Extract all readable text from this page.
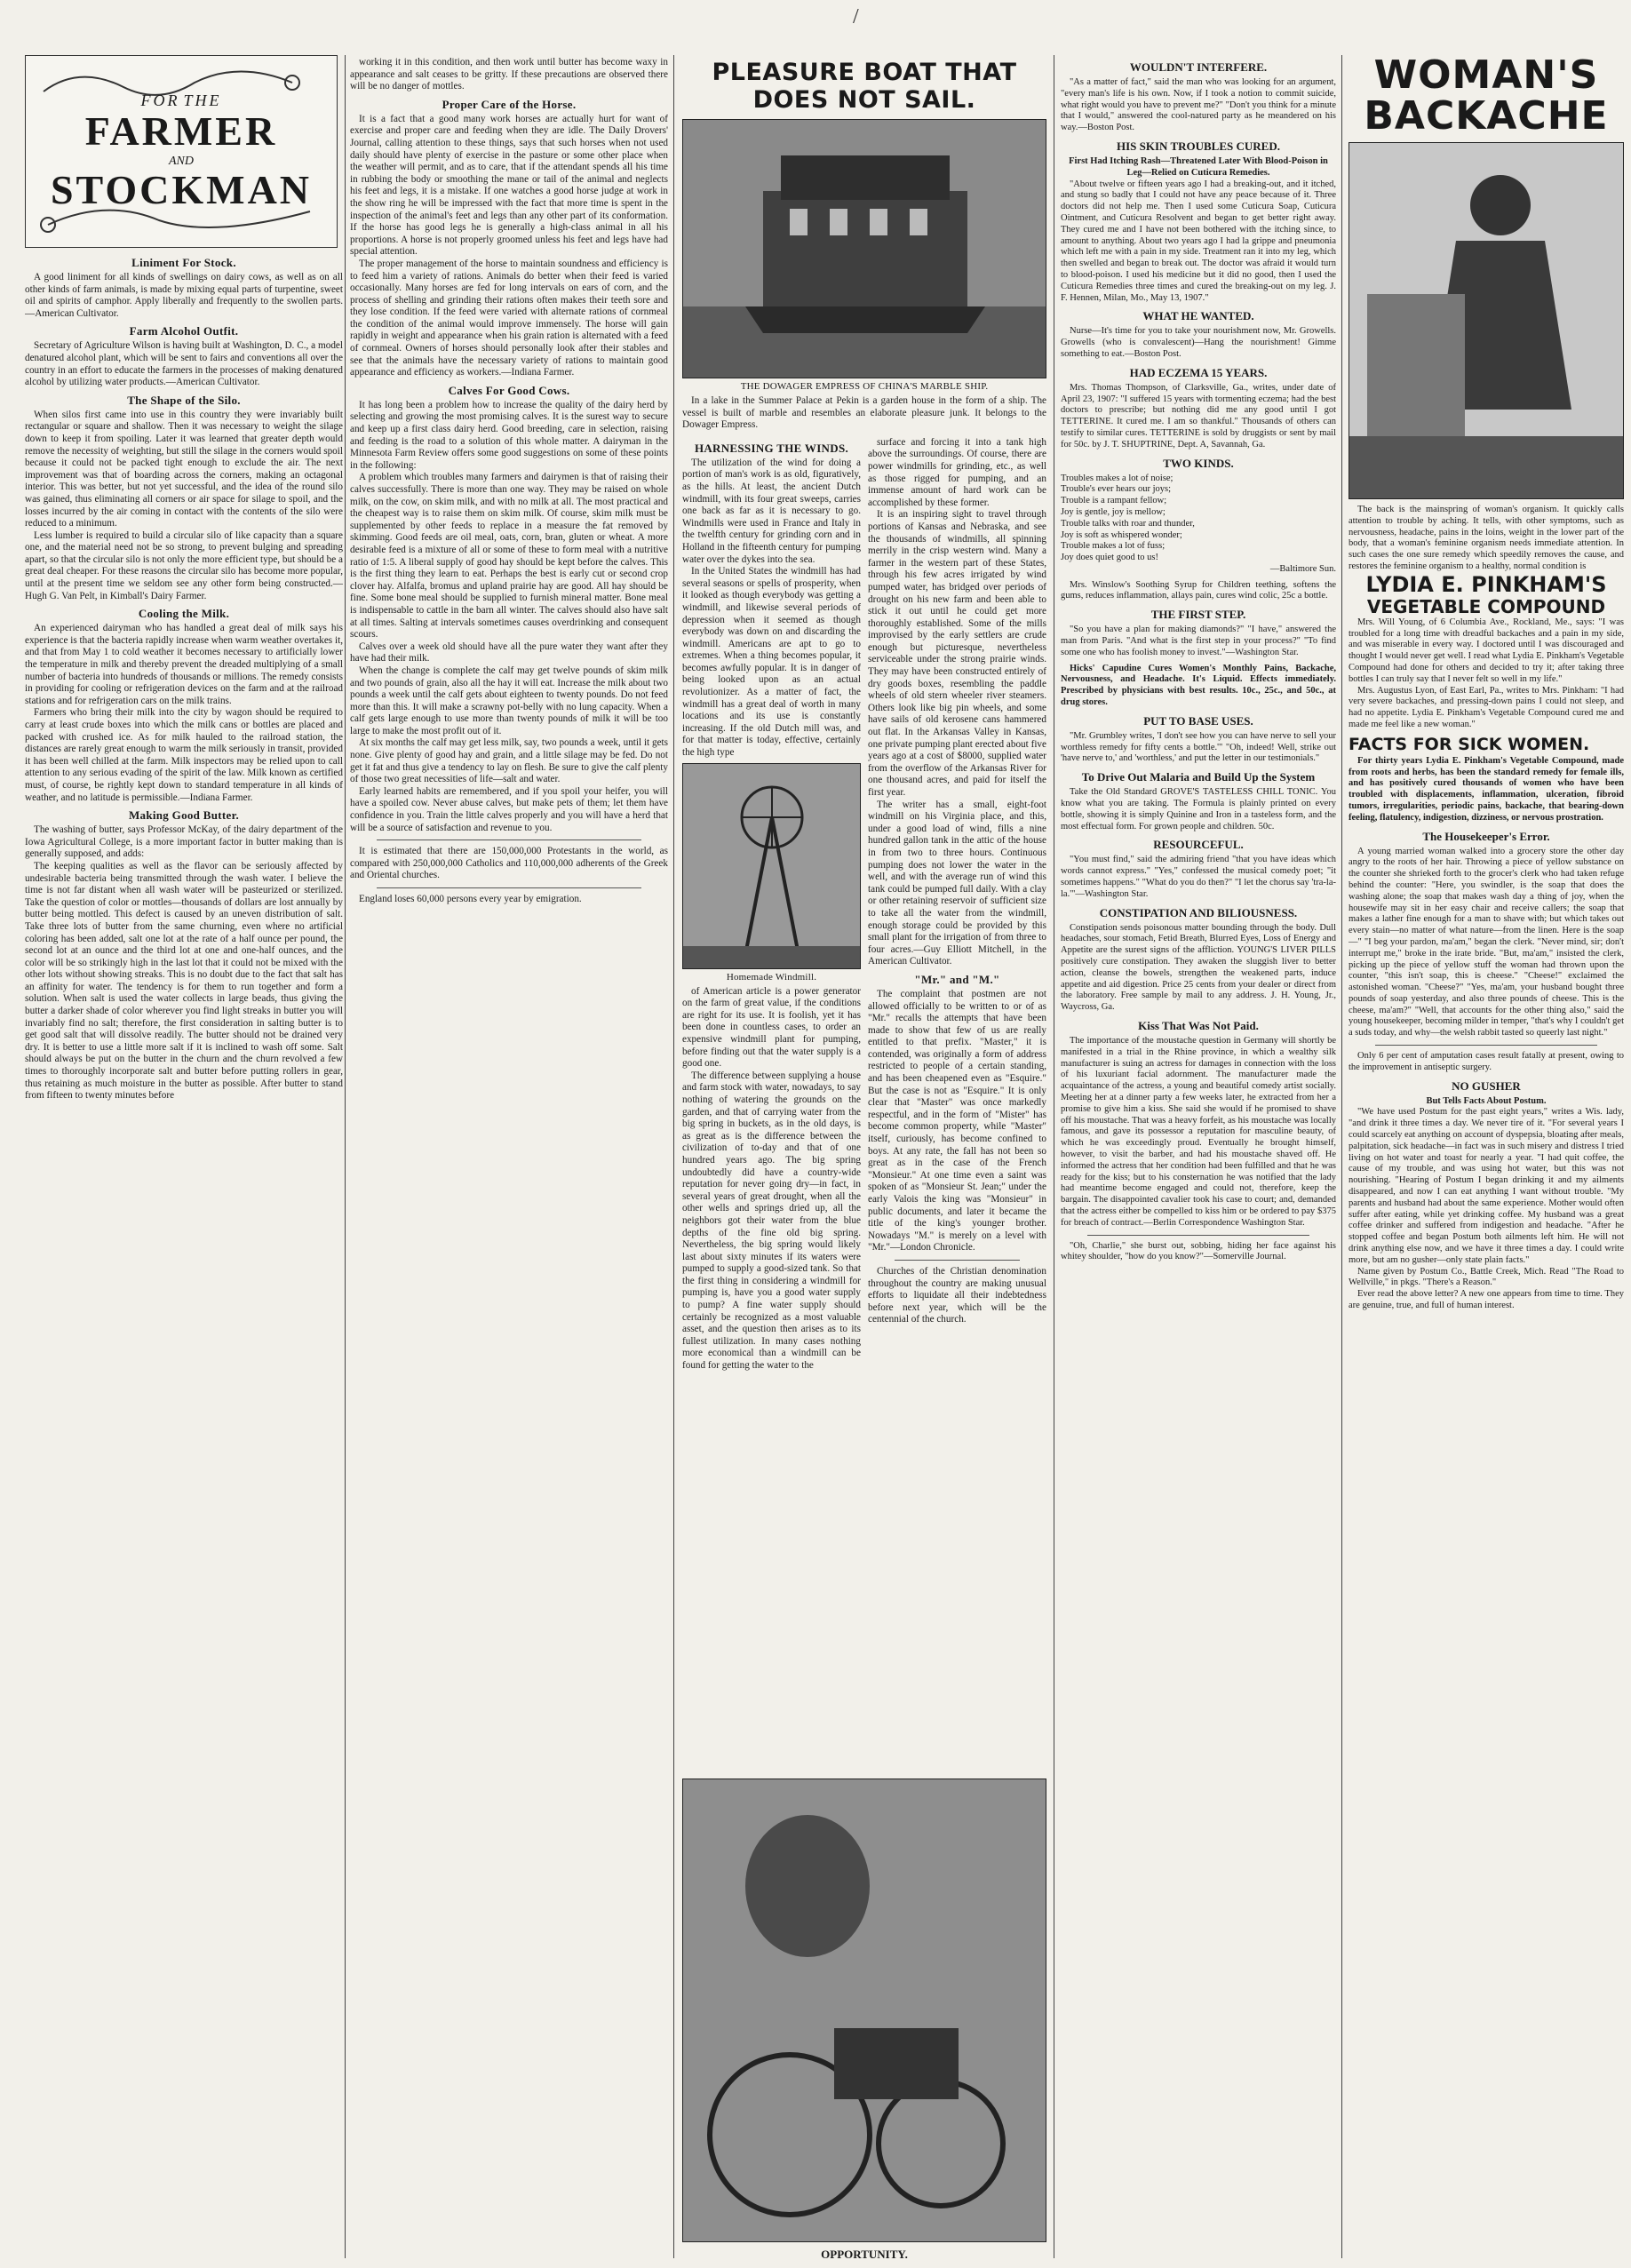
/
FOR THE
FARMER
AND
STOCKMAN
Liniment For Stock.

A good liniment for all kinds of swellings on dairy cows, as well as on all other kinds of farm animals, is made by mixing equal parts of turpentine, sweet oil and spirits of camphor. Apply liberally and frequently to the swollen parts.—American Cultivator.

Farm Alcohol Outfit.

Secretary of Agriculture Wilson is having built at Washington, D. C., a model denatured alcohol plant, which will be sent to fairs and conventions all over the country in an effort to educate the farmers in the processes of making denatured alcohol by utilizing water products.—American Cultivator.

The Shape of the Silo.

When silos first came into use in this country they were invariably built rectangular or square and shallow. Then it was necessary to weight the silage down to keep it from spoiling. Later it was learned that greater depth would remove the necessity of weighting, but still the silage in the corners would spoil because it could not be packed tight enough to exclude the air. The next improvement was that of boarding across the corners, making an octagonal interior. This was better, but not yet successful, and the idea of the round silo was gained, thus eliminating all corners or air space for silage to spoil, and the losses incurred by the air coming in contact with the contents of the silo were reduced to a minimum.

Less lumber is required to build a circular silo of like capacity than a square one, and the material need not be so strong, to prevent bulging and spreading apart, so that the circular silo is not only the more efficient type, but should be a great deal cheaper. For these reasons the circular silo has become more popular, until at the present time we seldom see any other form being constructed.—Hugh G. Van Pelt, in Kimball's Dairy Farmer.

Cooling the Milk.

An experienced dairyman who has handled a great deal of milk says his experience is that the bacteria rapidly increase when warm weather overtakes it, and that from May 1 to cold weather it becomes necessary to artificially lower the temperature in milk and thereby prevent the dreaded multiplying of a small number of bacteria into hundreds of thousands or millions. The remedy consists in providing for cooling or refrigeration devices on the farm and at the railroad stations and for refrigeration cars on the milk trains.

Farmers who bring their milk into the city by wagon should be required to carry at least crude boxes into which the milk cans or bottles are placed and packed with crushed ice. As for milk hauled to the railroad station, the distances are rarely great enough to warm the milk seriously in transit, provided it has been well chilled at the farm. Milk inspectors may be relied upon to call attention to any serious evading of the spirit of the law. Milk known as certified must, of course, be rightly kept down to standard temperature in all kinds of weather, and no latitude is permissible.—Indiana Farmer.

Making Good Butter.

The washing of butter, says Professor McKay, of the dairy department of the Iowa Agricultural College, is a more important factor in butter making than is generally supposed, and adds:

The keeping qualities as well as the flavor can be seriously affected by undesirable bacteria being transmitted through the wash water. I believe the time is not far distant when all wash water will be pasteurized or sterilized. Take the question of color or mottles—thousands of dollars are lost annually by butter being mottled. This defect is caused by an uneven distribution of salt. Take three lots of butter from the same churning, even where no artificial coloring has been added, salt one lot at the rate of a half ounce per pound, the second lot at an ounce and the third lot at one and one-half ounces, and the color will be so strikingly high in the last lot that it could not be mixed with the other lots without showing streaks. This is no doubt due to the fact that salt has an affinity for water. The tendency is for them to run together and form a solution. When salt is used the water collects in large beads, thus giving the butter a darker shade of color wherever you find light streaks in butter you will invariably find no salt; therefore, the first consideration in salting butter is to get good salt that will dissolve readily. The butter should not be drained very dry. It is better to use a little more salt if it is inclined to wash off some. Salt should always be put on the butter in the churn and the churn revolved a few times to thoroughly incorporate salt and butter before putting rollers in gear, thus retaining as much moisture in the butter as possible. After butter to stand from fifteen to twenty minutes before

working it in this condition, and then work until butter has become waxy in appearance and salt ceases to be gritty. If these precautions are observed there will be no danger of mottles.

Proper Care of the Horse.

It is a fact that a good many work horses are actually hurt for want of exercise and proper care and feeding when they are idle. The Daily Drovers' Journal, calling attention to these things, says that such horses when not used daily should have plenty of exercise in the pasture or some other place when the weather will permit, and as to care, that if the attendant spends all his time in rubbing the body or smoothing the mane or tail of the animal and neglects his feet and legs, it is a mistake. If one watches a good horse judge at work in the show ring he will be impressed with the fact that more time is spent in the inspection of the animal's feet and legs than any other part of its conformation. If the horse has good legs he is generally a high-class animal in all his proportions. A horse is not properly groomed unless his feet and legs have had special attention.

The proper management of the horse to maintain soundness and efficiency is to feed him a variety of rations. Animals do better when their feed is varied occasionally. Many horses are fed for long intervals on ears of corn, and the process of shelling and grinding their rations often makes their teeth sore and they lose condition. If the feed were varied with alternate rations of cornmeal the condition of the animal would improve immensely. The horse will gain rapidly in weight and appearance when his grain ration is alternated with a feed of cornmeal. Owners of horses should personally look after their stables and see that the animals have the necessary variety of rations to maintain good appearance and efficiency as workers.—Indiana Farmer.

Calves For Good Cows.

It has long been a problem how to increase the quality of the dairy herd by selecting and growing the most promising calves. It is the surest way to secure and keep up a first class dairy herd. Good breeding, care in selection, raising and feeding is the road to a solution of this whole matter. A dairyman in the Minnesota Farm Review offers some good suggestions on some of these points in the following:

A problem which troubles many farmers and dairymen is that of raising their calves successfully. There is more than one way. They may be raised on whole milk, on the cow, on skim milk, and with no milk at all. The most practical and the cheapest way is to raise them on skim milk. Of course, skim milk must be supplemented by other feeds to replace in a measure the fat removed by skimming. Good feeds are oil meal, oats, corn, bran, gluten or wheat. A more desirable feed is a mixture of all or some of these to form meal with a nutritive ratio of 1:5. A liberal supply of good hay should be kept before the calves. This is the first thing they learn to eat. Perhaps the best is early cut or second crop clover hay. Alfalfa, bromus and upland prairie hay are good. All hay should be fine. Some bone meal should be supplied to furnish mineral matter. Bone meal is indispensable to cattle in the barn all winter. The calves should also have salt at all times. Salting at intervals sometimes causes overdrinking and consequent scours.

Calves over a week old should have all the pure water they want after they have had their milk.

When the change is complete the calf may get twelve pounds of skim milk and two pounds of grain, also all the hay it will eat. Increase the milk about two pounds a week until the calf gets about eighteen to twenty pounds. Do not feed more than this. It will make a scrawny pot-belly with no lung capacity. When a calf gets large enough to use more than twenty pounds of milk it will be too large to make the most profit out of it.

At six months the calf may get less milk, say, two pounds a week, until it gets none. Give plenty of good hay and grain, and a little silage may be fed. Do not get it fat and thus give a tendency to lay on flesh. Be sure to give the calf plenty of those two great necessities of life—salt and water.

Early learned habits are remembered, and if you spoil your heifer, you will have a spoiled cow. Never abuse calves, but make pets of them; let them have confidence in you. Train the little calves properly and you will have a herd that will be a source of satisfaction and revenue to you.

It is estimated that there are 150,000,000 Protestants in the world, as compared with 250,000,000 Catholics and 110,000,000 adherents of the Greek and Oriental churches.

England loses 60,000 persons every year by emigration.

PLEASURE BOAT THAT DOES NOT SAIL.
THE DOWAGER EMPRESS OF CHINA'S MARBLE SHIP.

In a lake in the Summer Palace at Pekin is a garden house in the form of a ship. The vessel is built of marble and resembles an elaborate pleasure junk. It belongs to the Dowager Empress.

HARNESSING THE WINDS.

The utilization of the wind for doing a portion of man's work is as old, figuratively, as the hills. At least, the ancient Dutch windmill, with its four great sweeps, carries one back as far as it is necessary to go. Windmills were used in France and Italy in the twelfth century for grinding corn and in Holland in the fifteenth century for pumping water over the dykes into the sea.

In the United States the windmill has had several seasons or spells of prosperity, when it looked as though everybody was getting a windmill, and likewise several periods of depression when it seemed as though everybody was down on and discarding the windmill. Americans are apt to go to extremes. When a thing becomes popular, it becomes awfully popular. It is in danger of being looked upon as an actual revolutionizer. As a matter of fact, the windmill has a great deal of worth in many locations and its use is constantly increasing. If the old Dutch mill was, and for that matter is today, effective, certainly the high type

Homemade Windmill.

of American article is a power generator on the farm of great value, if the conditions are right for its use. It is foolish, yet it has been done in countless cases, to order an expensive windmill plant for pumping, before finding out that the water supply is a good one.

The difference between supplying a house and farm stock with water, nowadays, to say nothing of watering the grounds on the garden, and that of carrying water from the big spring in buckets, as in the old days, is as great as is the difference between the civilization of to-day and that of one hundred years ago. The big spring undoubtedly did have a country-wide reputation for never going dry—in fact, in several years of great drought, when all the other wells and springs dried up, all the neighbors got their water from the blue depths of the fine old big spring. Nevertheless, the big spring would likely last about sixty minutes if its waters were pumped to supply a good-sized tank. So that the first thing in considering a windmill for pumping is, have you a good water supply to pump? A fine water supply should certainly be recognized as a most valuable asset, and the question then arises as to its fullest utilization. In many cases nothing more economical than a windmill can be found for getting the water to the

surface and forcing it into a tank high above the surroundings. Of course, there are power windmills for grinding, etc., as well as those rigged for pumping, and an immense amount of hard work can be accomplished by these former.

It is an inspiring sight to travel through portions of Kansas and Nebraska, and see the thousands of windmills, all spinning merrily in the crisp western wind. Many a farmer in the western part of these States, through his few acres irrigated by wind pumped water, has bridged over periods of drought on his new farm and been able to stick it out until he could get more thoroughly established. Some of the mills improvised by the early settlers are crude enough but picturesque, nevertheless serviceable under the strong prairie winds. They may have been constructed entirely of dry goods boxes, resembling the paddle wheels of old stern wheeler river steamers. Others look like big pin wheels, and some have sails of old kerosene cans hammered out flat. In the Arkansas Valley in Kansas, one private pumping plant erected about five years ago at a cost of $8000, supplied water from the overflow of the Arkansas River for one thousand acres, and paid for itself the first year.

The writer has a small, eight-foot windmill on his Virginia place, and this, under a good load of wind, fills a nine hundred gallon tank in the attic of the house in from two to three hours. Continuous pumping does not lower the water in the well, and with the average run of wind this tank could be pumped full daily. With a clay or other retaining reservoir of sufficient size to take all the water from the windmill, enough storage could be provided by this small plant for the irrigation of from three to four acres.—Guy Elliott Mitchell, in the American Cultivator.

"Mr." and "M."

The complaint that postmen are not allowed officially to be written to or of as "Mr." recalls the attempts that have been made to show that few of us are really entitled to that prefix. "Master," it is contended, was originally a form of address restricted to people of a certain standing, and has been cheapened even as "Esquire." But the case is not as "Esquire." It is only clear that "Master" was once markedly respectful, and in the form of "Mister" has become common property, while "Master" itself, curiously, has become confined to boys. At any rate, the fall has not been so great as in the case of the French "Monsieur." At one time even a saint was spoken of as "Monsieur St. Jean;" under the early Valois the king was "Monsieur" in public documents, and later it became the title of the king's younger brother. Nowadays "M." is merely on a level with "Mr."—London Chronicle.

Churches of the Christian denomination throughout the country are making unusual efforts to liquidate all their indebtedness before next year, which will be the centennial of the church.

OPPORTUNITY.
WOULDN'T INTERFERE.

"As a matter of fact," said the man who was looking for an argument, "every man's life is his own. Now, if I took a notion to commit suicide, what right would you have to prevent me?" "Don't you think for a minute that I would," answered the cool-natured party as he meandered on his way.—Boston Post.

HIS SKIN TROUBLES CURED.

First Had Itching Rash—Threatened Later With Blood-Poison in Leg—Relied on Cuticura Remedies.

"About twelve or fifteen years ago I had a breaking-out, and it itched, and stung so badly that I could not have any peace because of it. Three doctors did not help me. Then I used some Cuticura Soap, Cuticura Ointment, and Cuticura Resolvent and began to get better right away. They cured me and I have not been bothered with the itching since, to amount to anything. About two years ago I had la grippe and pneumonia which left me with a pain in my side. Treatment ran it into my leg, which then swelled and began to break out. The doctor was afraid it would turn to blood-poison. I used his medicine but it did no good, then I used the Cuticura Remedies three times and cured the breaking-out on my leg. J. F. Hennen, Milan, Mo., May 13, 1907."

WHAT HE WANTED.

Nurse—It's time for you to take your nourishment now, Mr. Growells. Growells (who is convalescent)—Hang the nourishment! Gimme something to eat.—Boston Post.

HAD ECZEMA 15 YEARS.

Mrs. Thomas Thompson, of Clarksville, Ga., writes, under date of April 23, 1907: "I suffered 15 years with tormenting eczema; had the best doctors to prescribe; but nothing did me any good until I got TETTERINE. It cured me. I am so thankful." Thousands of others can testify to similar cures. TETTERINE is sold by druggists or sent by mail for 50c. by J. T. SHUPTRINE, Dept. A, Savannah, Ga.

TWO KINDS.
Troubles makes a lot of noise;
Trouble's ever hears our joys;
Trouble is a rampant fellow;
Joy is gentle, joy is mellow;
Trouble talks with roar and thunder,
Joy is soft as whispered wonder;
Trouble makes a lot of fuss;
Joy does quiet good to us!

—Baltimore Sun.

Mrs. Winslow's Soothing Syrup for Children teething, softens the gums, reduces inflammation, allays pain, cures wind colic, 25c a bottle.

THE FIRST STEP.

"So you have a plan for making diamonds?" "I have," answered the man from Paris. "And what is the first step in your process?" "To find some one who has foolish money to invest."—Washington Star.

Hicks' Capudine Cures Women's Monthly Pains, Backache, Nervousness, and Headache. It's Liquid. Effects immediately. Prescribed by physicians with best results. 10c., 25c., and 50c., at drug stores.

PUT TO BASE USES.

"Mr. Grumbley writes, 'I don't see how you can have nerve to sell your worthless remedy for fifty cents a bottle.'" "Oh, indeed! Well, strike out 'have nerve to,' and 'worthless,' and put the letter in our testimonials."

To Drive Out Malaria and Build Up the System

Take the Old Standard GROVE'S TASTELESS CHILL TONIC. You know what you are taking. The Formula is plainly printed on every bottle, showing it is simply Quinine and Iron in a tasteless form, and the most effectual form. For grown people and children. 50c.

RESOURCEFUL.

"You must find," said the admiring friend "that you have ideas which words cannot express." "Yes," confessed the musical comedy poet; "it sometimes happens." "What do you do then?" "I let the chorus say 'tra-la-la.'"—Washington Star.

CONSTIPATION AND BILIOUSNESS.

Constipation sends poisonous matter bounding through the body. Dull headaches, sour stomach, Fetid Breath, Blurred Eyes, Loss of Energy and Appetite are the surest signs of the affliction. YOUNG'S LIVER PILLS positively cure constipation. They awaken the sluggish liver to better action, cleanse the bowels, strengthen the weakened parts, induce appetite and aid digestion. Price 25 cents from your dealer or direct from the laboratory. Free sample by mail to any address. J. H. Young, Jr., Waycross, Ga.

Kiss That Was Not Paid.

The importance of the moustache question in Germany will shortly be manifested in a trial in the Rhine province, in which a wealthy silk manufacturer is suing an actress for damages in connection with the loss of his luxuriant facial adornment. The manufacturer made the acquaintance of the actress, a young and beautiful comedy artist socially. Meeting her at a dinner party a few weeks later, he extracted from her a promise to give him a kiss. She said she would if he promised to shave off his moustache. That was a heavy forfeit, as his moustache was locally famous, and gave its possessor a reputation for masculine beauty, of which he was exceedingly proud. Eventually he brought himself, however, to visit the barber, and had his moustache shaved off. He informed the actress that her condition had been fulfilled and that he was ready for the kiss; but to his consternation he was notified that the lady had meantime become engaged and could not, therefore, keep the bargain. The disappointed cavalier took his case to court; and, demanded that the actress either be compelled to kiss him or be ordered to pay $375 for breach of contract.—Berlin Correspondence Washington Star.

"Oh, Charlie," she burst out, sobbing, hiding her face against his whitey shoulder, "how do you know?"—Somerville Journal.

WOMAN'S
BACKACHE

The back is the mainspring of woman's organism. It quickly calls attention to trouble by aching. It tells, with other symptoms, such as nervousness, headache, pains in the loins, weight in the lower part of the body, that a woman's feminine organism needs immediate attention. In such cases the one sure remedy which speedily removes the cause, and restores the feminine organism to a healthy, normal condition is

LYDIA E. PINKHAM'S
VEGETABLE COMPOUND

Mrs. Will Young, of 6 Columbia Ave., Rockland, Me., says: "I was troubled for a long time with dreadful backaches and a pain in my side, and was miserable in every way. I doctored until I was discouraged and thought I would never get well. I read what Lydia E. Pinkham's Vegetable Compound had done for others and decided to try it; after taking three bottles I can truly say that I never felt so well in my life."

Mrs. Augustus Lyon, of East Earl, Pa., writes to Mrs. Pinkham: "I had very severe backaches, and pressing-down pains I could not sleep, and had no appetite. Lydia E. Pinkham's Vegetable Compound cured me and made me feel like a new woman."

FACTS FOR SICK WOMEN.

For thirty years Lydia E. Pinkham's Vegetable Compound, made from roots and herbs, has been the standard remedy for female ills, and has positively cured thousands of women who have been troubled with displacements, inflammation, ulceration, fibroid tumors, irregularities, periodic pains, backache, that bearing-down feeling, flatulency, indigestion, dizziness, or nervous prostration.

The Housekeeper's Error.

A young married woman walked into a grocery store the other day angry to the roots of her hair. Throwing a piece of yellow substance on the counter she shrieked forth to the grocer's clerk who had taken refuge behind the counter: "Here, you swindler, is the soap that does the washing alone; the soap that makes wash day a thing of joy, when the housewife may sit in her easy chair and receive callers; the soap that makes a lather fine enough for a man to shave with; but which takes out every stain—no matter of what nature—from the linen. Here is the soap—" "I beg your pardon, ma'am," began the clerk. "Never mind, sir; don't interrupt me," broke in the irate bride. "But, ma'am," insisted the clerk, picking up the piece of yellow stuff the woman had thrown upon the counter, "this isn't soap, this is cheese." "Cheese!" exclaimed the astonished woman. "Cheese?" "Yes, ma'am, your husband bought three pounds of soap yesterday, and also three pounds of cheese. This is the cheese, ma'am?" "Well, that accounts for the other thing also," said the young housekeeper, becoming milder in temper, "that's why I couldn't get a suds today, and why—the welsh rabbit tasted so queerly last night."

Only 6 per cent of amputation cases result fatally at present, owing to the improvement in antiseptic surgery.

NO GUSHER

But Tells Facts About Postum.

"We have used Postum for the past eight years," writes a Wis. lady, "and drink it three times a day. We never tire of it. "For several years I could scarcely eat anything on account of dyspepsia, bloating after meals, palpitation, sick headache—in fact was in such misery and distress I tried living on hot water and toast for nearly a year. "I had quit coffee, the cause of my trouble, and was using hot water, but this was not nourishing. "Hearing of Postum I began drinking it and my ailments disappeared, and now I can eat anything I want without trouble. "My parents and husband had about the same experience. Mother would often suffer after eating, while yet drinking coffee. My husband was a great coffee drinker and suffered from indigestion and headache. "After he stopped coffee and began Postum both ailments left him. He will not drink anything else now, and we have it three times a day. I could write more, but am no gusher—only state plain facts."

Name given by Postum Co., Battle Creek, Mich. Read "The Road to Wellville," in pkgs. "There's a Reason."

Ever read the above letter? A new one appears from time to time. They are genuine, true, and full of human interest.
